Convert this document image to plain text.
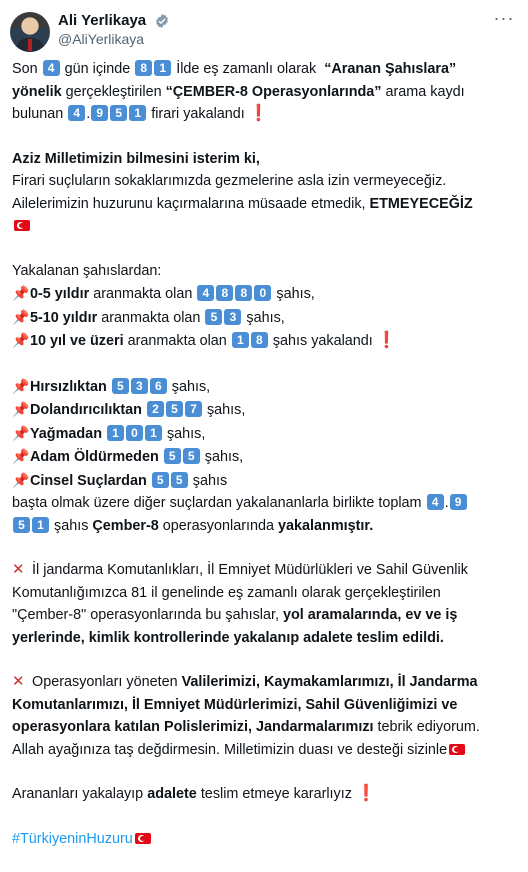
Ali Yerlikaya
@AliYerlikaya
···
Son 4 gün içinde 8 1 İlde eş zamanlı olarak “Aranan Şahıslara”
yönelik gerçekleştirilen “ÇEMBER-8 Operasyonlarında” arama kaydı
bulunan 4 . 9 5 1 firari yakalandı ❗
Aziz Milletimizin bilmesini isterim ki,
Firari suçluların sokaklarımızda gezmelerine asla izin vermeyeceğiz.
Ailelerimizin huzurunu kaçırmalarına müsaade etmedik, ETMEYECEĞİZ
Yakalanan şahıslardan:
📌0-5 yıldır aranmakta olan 4 8 8 0 şahıs,
📌5-10 yıldır aranmakta olan 5 3 şahıs,
📌10 yıl ve üzeri aranmakta olan 1 8 şahıs yakalandı ❗
📌Hırsızlıktan 5 3 6 şahıs,
📌Dolandırıcılıktan 2 5 7 şahıs,
📌Yağmadan 1 0 1 şahıs,
📌Adam Öldürmeden 5 5 şahıs,
📌Cinsel Suçlardan 5 5 şahıs
başta olmak üzere diğer suçlardan yakalananlarla birlikte toplam 4 . 9
5 1 şahıs Çember-8 operasyonlarında yakalanmıştır.
✕ İl jandarma Komutanlıkları, İl Emniyet Müdürlükleri ve Sahil Güvenlik
Komutanlığımızca 81 il genelinde eş zamanlı olarak gerçekleştirilen
"Çember-8" operasyonlarında bu şahıslar, yol aramalarında, ev ve iş
yerlerinde, kimlik kontrollerinde yakalanıp adalete teslim edildi.
✕ Operasyonları yöneten Valilerimizi, Kaymakamlarımızı, İl Jandarma
Komutanlarımızı, İl Emniyet Müdürlerimizi, Sahil Güvenliğimizi ve
operasyonlara katılan Polislerimizi, Jandarmalarımızı tebrik ediyorum.
Allah ayağınıza taş değdirmesin. Milletimizin duası ve desteği sizinle
Arananları yakalayıp adalete teslim etmeye kararlıyız ❗
#TürkiyeninHuzuru
